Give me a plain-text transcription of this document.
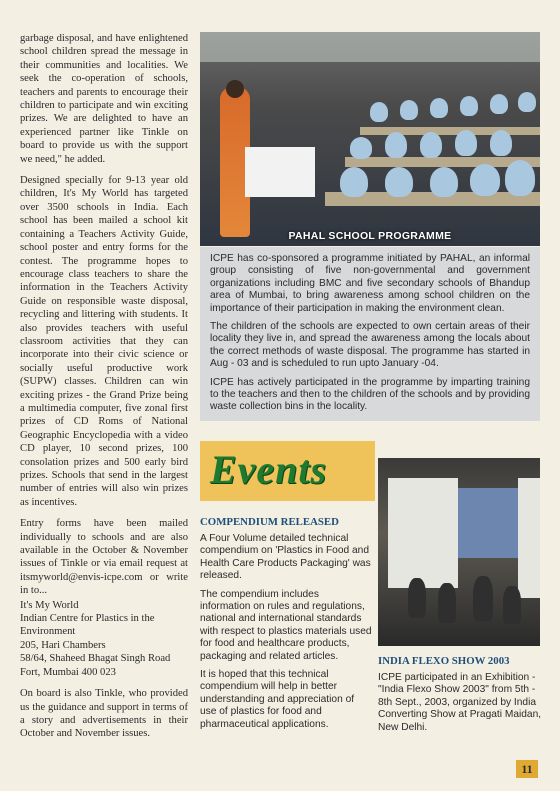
garbage disposal, and have enlightened school children spread the message in their communities and localities. We seek the co-operation of schools, teachers and parents to encourage their children to participate and win exciting prizes. We are delighted to have an experienced partner like Tinkle on board to provide us with the support we need," he added.

Designed specially for 9-13 year old children, It's My World has targeted over 3500 schools in India. Each school has been mailed a school kit containing a Teachers Activity Guide, school poster and entry forms for the contest. The programme hopes to encourage class teachers to share the information in the Teachers Activity Guide on responsible waste disposal, recycling and littering with students. It also provides teachers with useful classroom activities that they can incorporate into their civic science or socially useful productive work (SUPW) classes. Children can win exciting prizes - the Grand Prize being a multimedia computer, five zonal first prizes of CD Roms of National Geographic Encyclopedia with a video CD player, 10 second prizes, 100 consolation prizes and 500 early bird prizes. Schools that send in the largest number of entries will also win prizes as incentives.

Entry forms have been mailed individually to schools and are also available in the October & November issues of Tinkle or via email request at itsmyworld@envis-icpe.com or write in to...

It's My World
Indian Centre for Plastics in the Environment
205, Hari Chambers
58/64, Shaheed Bhagat Singh Road
Fort, Mumbai 400 023

On board is also Tinkle, who provided us the guidance and support in terms of a story and advertisements in their October and November issues.

PAHAL SCHOOL PROGRAMME

ICPE has co-sponsored a programme initiated by PAHAL, an informal group consisting of five non-governmental and government organizations including BMC and five secondary schools of Bhandup area of Mumbai, to bring awareness among school children on the importance of their participation in making the environment clean.

The children of the schools are expected to own certain areas of their locality they live in, and spread the awareness among the locals about the correct methods of waste disposal. The programme has started in Aug - 03 and is scheduled to run upto January -04.

ICPE has actively participated in the programme by imparting training to the teachers and then to the children of the schools and by providing waste collection bins in the locality.

Events
COMPENDIUM RELEASED

A Four Volume detailed technical compendium on 'Plastics in Food and Health Care Products Packaging' was released.

The compendium includes information on rules and regulations, national and international standards with respect to plastics materials used for food and healthcare products, packaging and related articles.

It is hoped that this technical compendium will help in better understanding and appreciation of use of plastics for food and pharmaceutical applications.

INDIA FLEXO SHOW 2003
ICPE participated in an Exhibition - "India Flexo Show 2003" from 5th - 8th Sept., 2003, organized by India Converting Show at Pragati Maidan, New Delhi.
11
